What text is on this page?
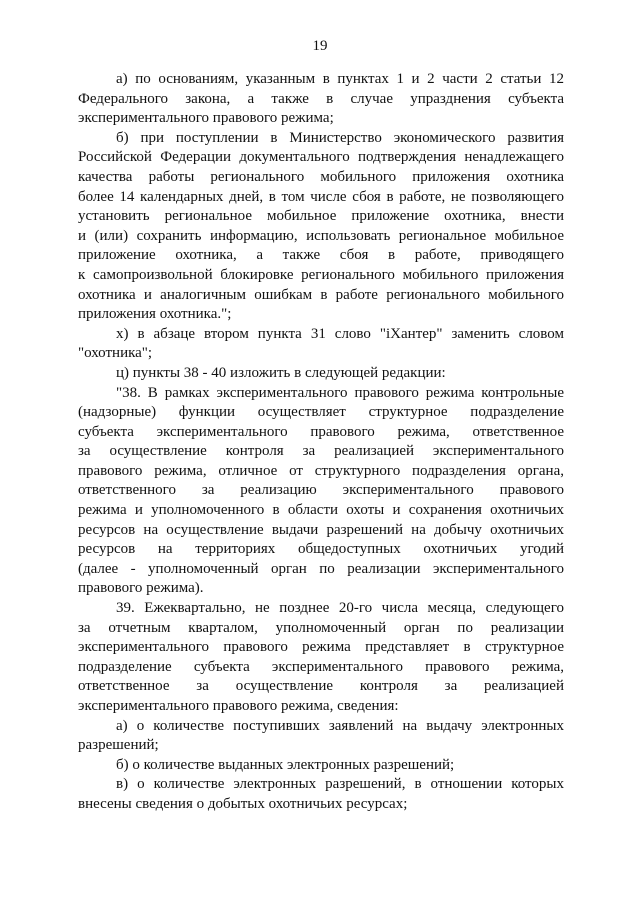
19
а) по основаниям, указанным в пунктах 1 и 2 части 2 статьи 12
Федерального закона, а также в случае упразднения субъекта
экспериментального правового режима;
б) при поступлении в Министерство экономического развития
Российской Федерации документального подтверждения ненадлежащего
качества работы регионального мобильного приложения охотника
более 14 календарных дней, в том числе сбоя в работе, не позволяющего
установить региональное мобильное приложение охотника, внести
и (или) сохранить информацию, использовать региональное мобильное
приложение охотника, а также сбоя в работе, приводящего
к самопроизвольной блокировке регионального мобильного приложения
охотника и аналогичным ошибкам в работе регионального мобильного
приложения охотника.";
х) в абзаце втором пункта 31 слово "iХантер" заменить словом
"охотника";
ц) пункты 38 - 40 изложить в следующей редакции:
"38. В рамках экспериментального правового режима контрольные
(надзорные) функции осуществляет структурное подразделение
субъекта экспериментального правового режима, ответственное
за осуществление контроля за реализацией экспериментального
правового режима, отличное от структурного подразделения органа,
ответственного за реализацию экспериментального правового
режима и уполномоченного в области охоты и сохранения охотничьих
ресурсов на осуществление выдачи разрешений на добычу охотничьих
ресурсов на территориях общедоступных охотничьих угодий
(далее - уполномоченный орган по реализации экспериментального
правового режима).
39. Ежеквартально, не позднее 20-го числа месяца, следующего
за отчетным кварталом, уполномоченный орган по реализации
экспериментального правового режима представляет в структурное
подразделение субъекта экспериментального правового режима,
ответственное за осуществление контроля за реализацией
экспериментального правового режима, сведения:
а) о количестве поступивших заявлений на выдачу электронных
разрешений;
б) о количестве выданных электронных разрешений;
в) о количестве электронных разрешений, в отношении которых
внесены сведения о добытых охотничьих ресурсах;
